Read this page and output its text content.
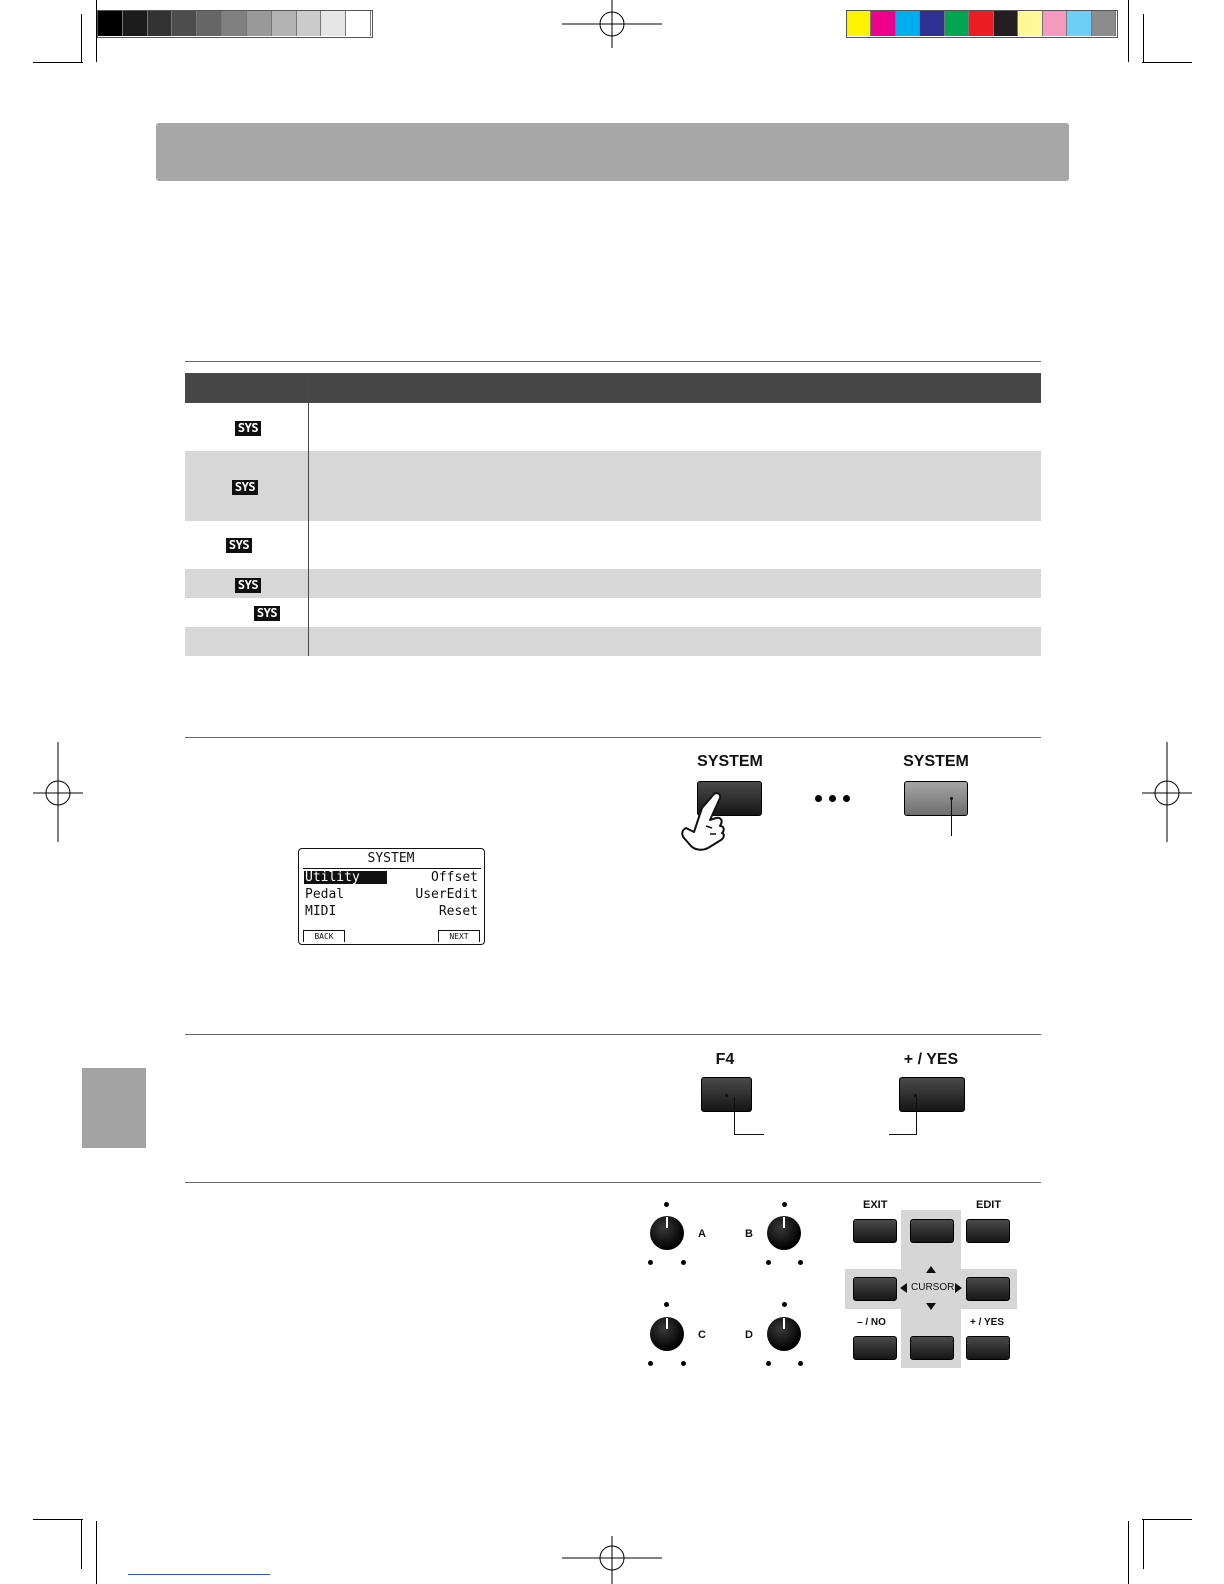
SYS
SYS
SYS
SYS
SYS
SYSTEM	SYSTEM
SYSTEM
Utility	Offset
Pedal	UserEdit
MIDI	Reset
BACK	NEXT
F4	+ / YES
A	B
C	D
EXIT	EDIT
CURSOR
– / NO	+ / YES
